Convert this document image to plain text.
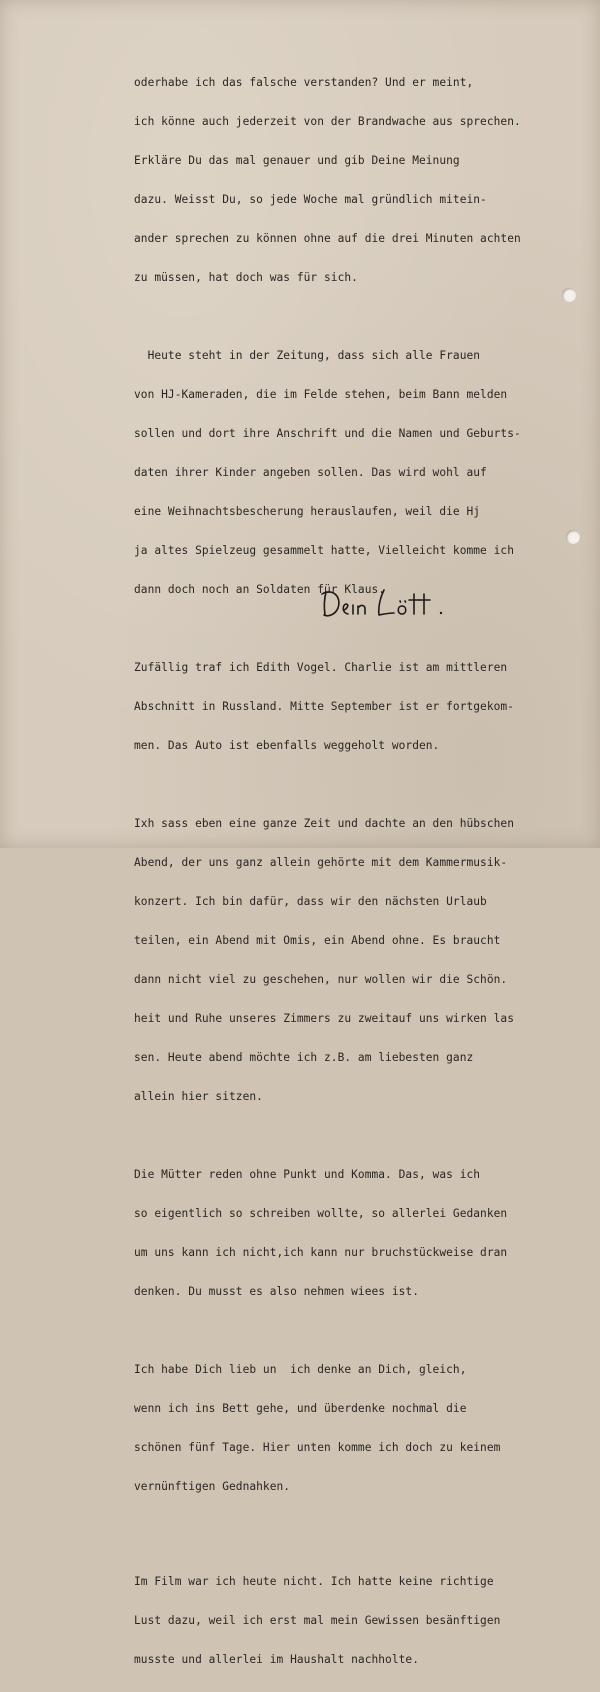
oderhabe ich das falsche verstanden? Und er meint,

ich könne auch jederzeit von der Brandwache aus sprechen.

Erkläre Du das mal genauer und gib Deine Meinung

dazu. Weisst Du, so jede Woche mal gründlich mitein-

ander sprechen zu können ohne auf die drei Minuten achten

zu müssen, hat doch was für sich.

Heute steht in der Zeitung, dass sich alle Frauen

von HJ-Kameraden, die im Felde stehen, beim Bann melden

sollen und dort ihre Anschrift und die Namen und Geburts-

daten ihrer Kinder angeben sollen. Das wird wohl auf

eine Weihnachtsbescherung herauslaufen, weil die Hj

ja altes Spielzeug gesammelt hatte, Vielleicht komme ich

dann doch noch an Soldaten für Klaus.

Zufällig traf ich Edith Vogel. Charlie ist am mittleren

Abschnitt in Russland. Mitte September ist er fortgekom-

men. Das Auto ist ebenfalls weggeholt worden.

Ixh sass eben eine ganze Zeit und dachte an den hübschen

Abend, der uns ganz allein gehörte mit dem Kammermusik-

konzert. Ich bin dafür, dass wir den nächsten Urlaub

teilen, ein Abend mit Omis, ein Abend ohne. Es braucht

dann nicht viel zu geschehen, nur wollen wir die Schön.

heit und Ruhe unseres Zimmers zu zweitauf uns wirken las

sen. Heute abend möchte ich z.B. am liebesten ganz

allein hier sitzen.

Die Mütter reden ohne Punkt und Komma. Das, was ich

so eigentlich so schreiben wollte, so allerlei Gedanken

um uns kann ich nicht,ich kann nur bruchstückweise dran

denken. Du musst es also nehmen wiees ist.

Ich habe Dich lieb un  ich denke an Dich, gleich,

wenn ich ins Bett gehe, und überdenke nochmal die

schönen fünf Tage. Hier unten komme ich doch zu keinem

vernünftigen Gednahken.

Im Film war ich heute nicht. Ich hatte keine richtige

Lust dazu, weil ich erst mal mein Gewissen besänftigen

musste und allerlei im Haushalt nachholte.
